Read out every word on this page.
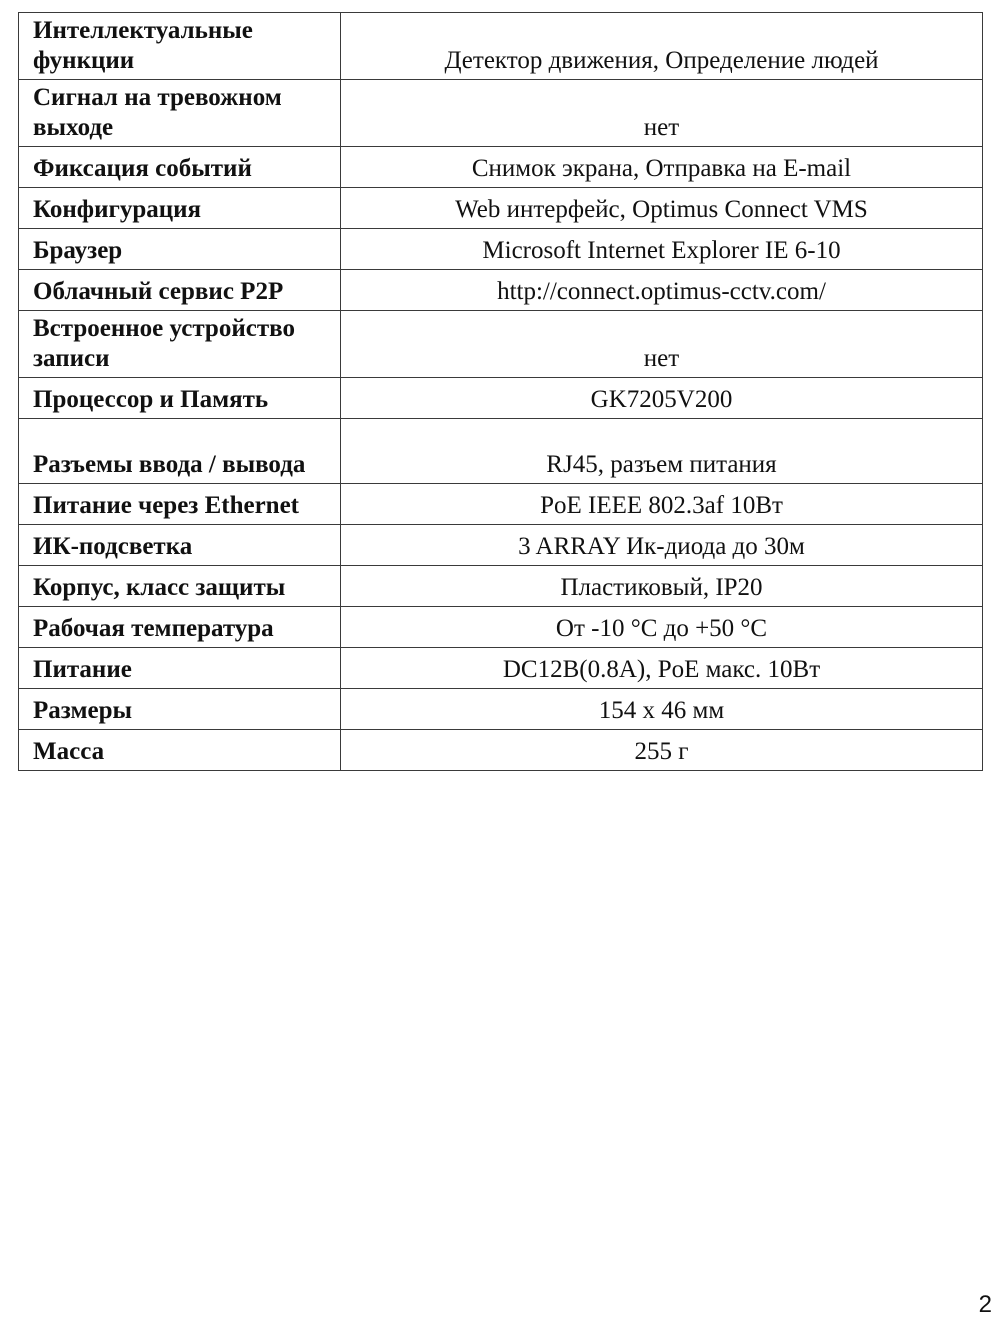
Интеллектуальные функции	Детектор движения, Определение людей
Сигнал на тревожном выходе	нет
Фиксация событий	Снимок экрана, Отправка на E-mail
Конфигурация	Web интерфейс, Optimus Connect VMS
Браузер	Microsoft Internet Explorer IE 6-10
Облачный сервис P2P	http://connect.optimus-cctv.com/
Встроенное устройство записи	нет
Процессор и Память	GK7205V200
Разъемы ввода / вывода	RJ45, разъем питания
Питание через Ethernet	PoE IEEE 802.3af 10Вт
ИК-подсветка	3 ARRAY Ик-диода до 30м
Корпус, класс защиты	Пластиковый, IP20
Рабочая температура	От -10 °С до +50 °С
Питание	DC12В(0.8А), PoE макс. 10Вт
Размеры	154 х 46 мм
Масса	255 г
2
